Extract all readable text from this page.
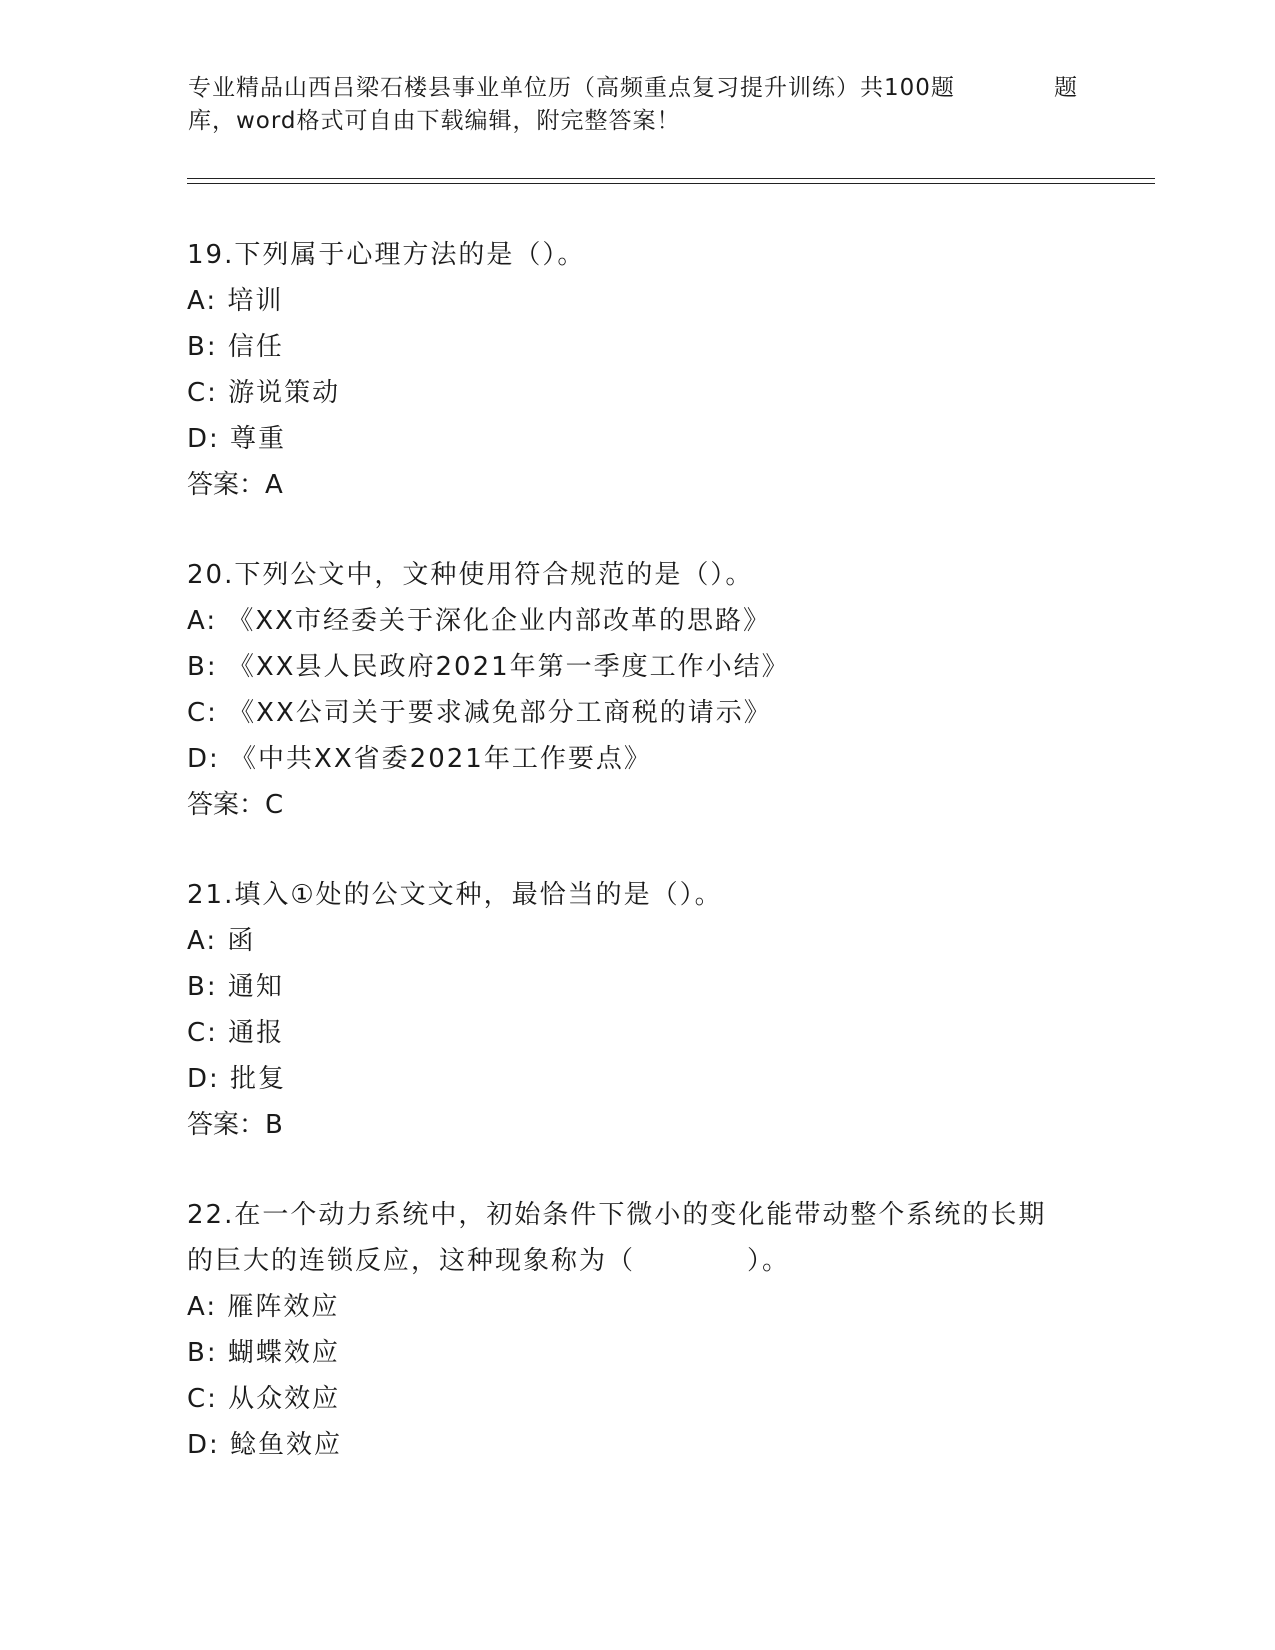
专业精品山西吕梁石楼县事业单位历（高频重点复习提升训练）共100题	题
库，word格式可自由下载编辑，附完整答案！
19.下列属于心理方法的是（）。
A: 培训
B: 信任
C: 游说策动
D: 尊重
答案：A
20.下列公文中，文种使用符合规范的是（）。
A: 《XX市经委关于深化企业内部改革的思路》
B: 《XX县人民政府2021年第一季度工作小结》
C: 《XX公司关于要求减免部分工商税的请示》
D: 《中共XX省委2021年工作要点》
答案：C
21.填入①处的公文文种，最恰当的是（）。
A: 函
B: 通知
C: 通报
D: 批复
答案：B
22.在一个动力系统中，初始条件下微小的变化能带动整个系统的长期
的巨大的连锁反应，这种现象称为（　　　　）。
A: 雁阵效应
B: 蝴蝶效应
C: 从众效应
D: 鲶鱼效应
